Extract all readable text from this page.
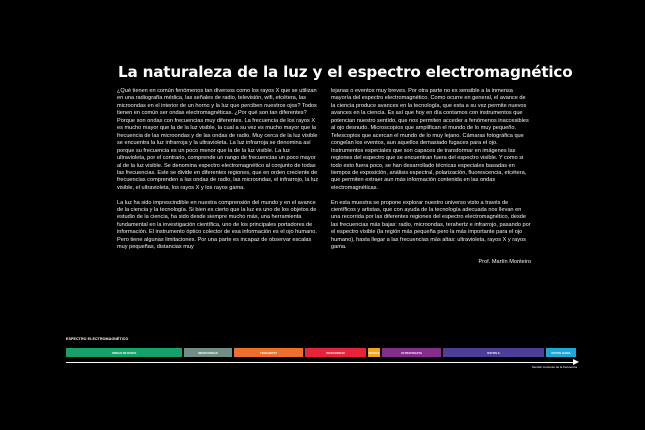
La naturaleza de la luz y el espectro electromagnético

¿Qué tienen en común fenómenos tan diversos como los rayos X que se utilizan en una radiografía médica, las señales de radio, televisión, wifi, etcétera, las microondas en el interior de un horno y la luz que perciben nuestros ojos? Todos tienen en común ser ondas electromagnéticas. ¿Por qué son tan diferentes? Porque son ondas con frecuencias muy diferentes. La frecuencia de los rayos X es mucho mayor que la de la luz visible, la cual a su vez es mucho mayor que la frecuencia de las microondas y de las ondas de radio. Muy cerca de la luz visible se encuentra la luz infrarroja y la ultravioleta. La luz infrarroja se denomina así porque su frecuencia es un poco menor que la de la luz visible. La luz ultravioleta, por el contrario, comprende un rango de frecuencias un poco mayor al de la luz visible. Se denomina espectro electromagnético al conjunto de todas las frecuencias. Este se divide en diferentes regiones, que en orden creciente de frecuencias comprenden a las ondas de radio, las microondas, el infrarrojo, la luz visible, el ultravioleta, los rayos X y los rayos gama.

La luz ha sido imprescindible en nuestra comprensión del mundo y en el avance de la ciencia y la tecnología. Si bien es cierto que la luz es uno de los objetos de estudio de la ciencia, ha sido desde siempre mucho más, una herramienta fundamental en la investigación científica, uno de los principales portadores de información. El instrumento óptico colector de esa información es el ojo humano. Pero tiene algunas limitaciones. Por una parte es incapaz de observar escalas muy pequeñas, distancias muy

lejanas o eventos muy breves. Por otra parte no es sensible a la inmensa mayoría del espectro electromagnético. Como ocurre en general, el avance de la ciencia produce avances en la tecnología, que esta a su vez permite nuevos avances en la ciencia. Es así que hoy en día contamos con instrumentos que potencian nuestro sentido, que nos permiten acceder a fenómenos inaccesibles al ojo desnudo. Microscopios que amplifican el mundo de lo muy pequeño. Telescopios que acercan el mundo de lo muy lejano. Cámaras fotográfica que congelan los eventos, aun aquellos demasiado fugaces para el ojo. Instrumentos especiales que son capaces de transformar en imágenes las regiones del espectro que se encuentran fuera del espectro visible. Y como si todo esto fuera poco, se han desarrollado técnicas especiales basadas en tiempos de exposición, análisis espectral, polarización, fluorescencia, etcétera, que permiten extraer aun más información contenida en las ondas electromagnéticas.

En esta muestra se propone explorar nuestro universo visto a través de científicos y artistas, que con ayuda de la tecnología adecuada nos llevan en una recorrida por las diferentes regiones del espectro electromagnético, desde las frecuencias más bajas: radio, microondas, terahertz e infrarrojo, pasando por el espectro visible (la región más pequeña pero la más importante para el ojo humano), hasta llegar a las frecuencias más altas: ultravioleta, rayos X y rayos gama.

Prof. Martín Monteiro

ESPECTRO ELECTROMAGNÉTICO
ONDAS DE RADIO	MICROONDAS	TERAHERTZ	INFRARROJO	VISIBLE	ULTRAVIOLETA	RAYOS X	RAYOS GAMA
Sentido creciente de la frecuencia
